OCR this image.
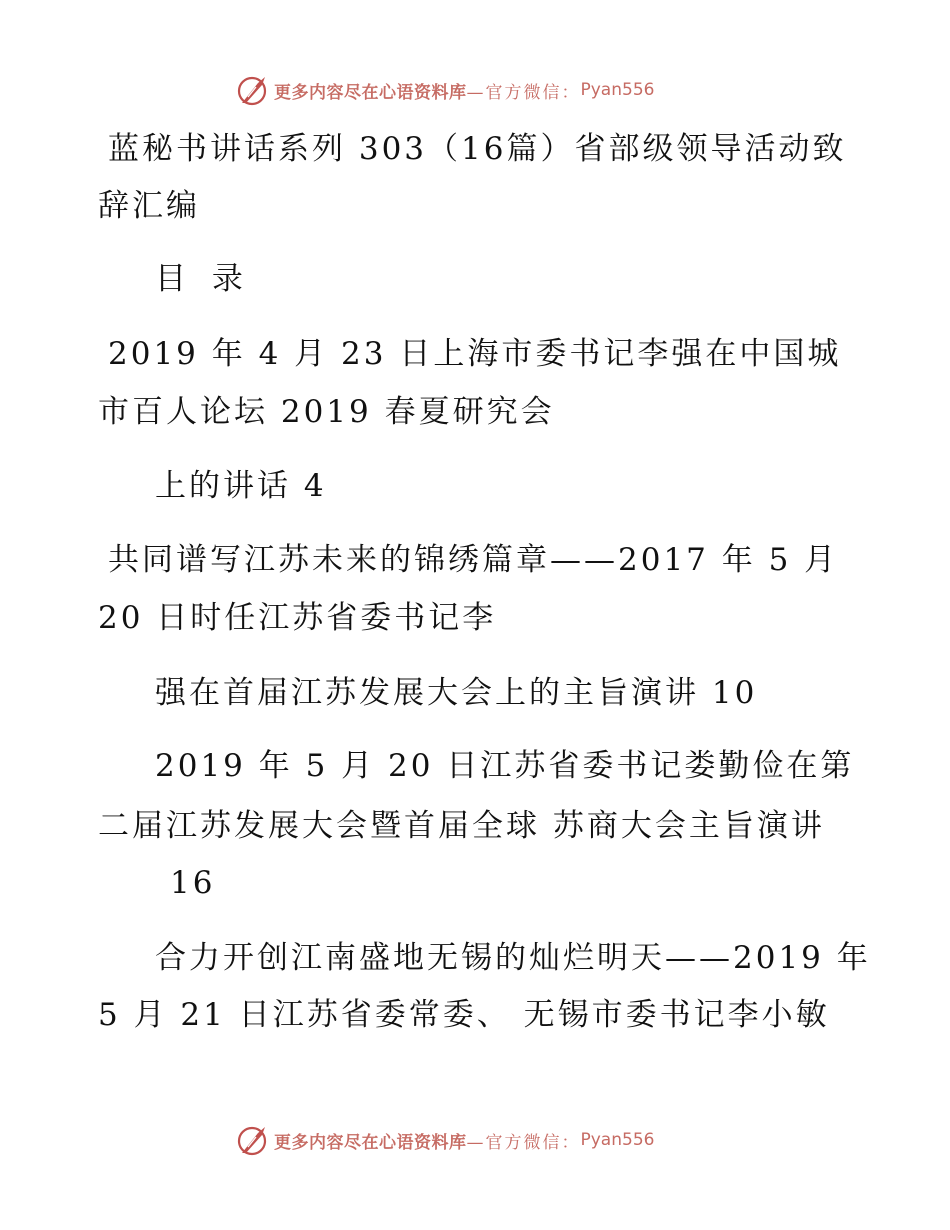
更多内容尽在心语资料库 —官方微信： Pyan556
蓝秘书讲话系列 303（16篇）省部级领导活动致
辞汇编
目 录
2019 年 4 月 23 日上海市委书记李强在中国城
市百人论坛 2019 春夏研究会
上的讲话 4
共同谱写江苏未来的锦绣篇章——2017 年 5 月
20 日时任江苏省委书记李
强在首届江苏发展大会上的主旨演讲 10
2019 年 5 月 20 日江苏省委书记娄勤俭在第
二届江苏发展大会暨首届全球 苏商大会主旨演讲
16
合力开创江南盛地无锡的灿烂明天——2019 年
5 月 21 日江苏省委常委、 无锡市委书记李小敏
更多内容尽在心语资料库 —官方微信： Pyan556
